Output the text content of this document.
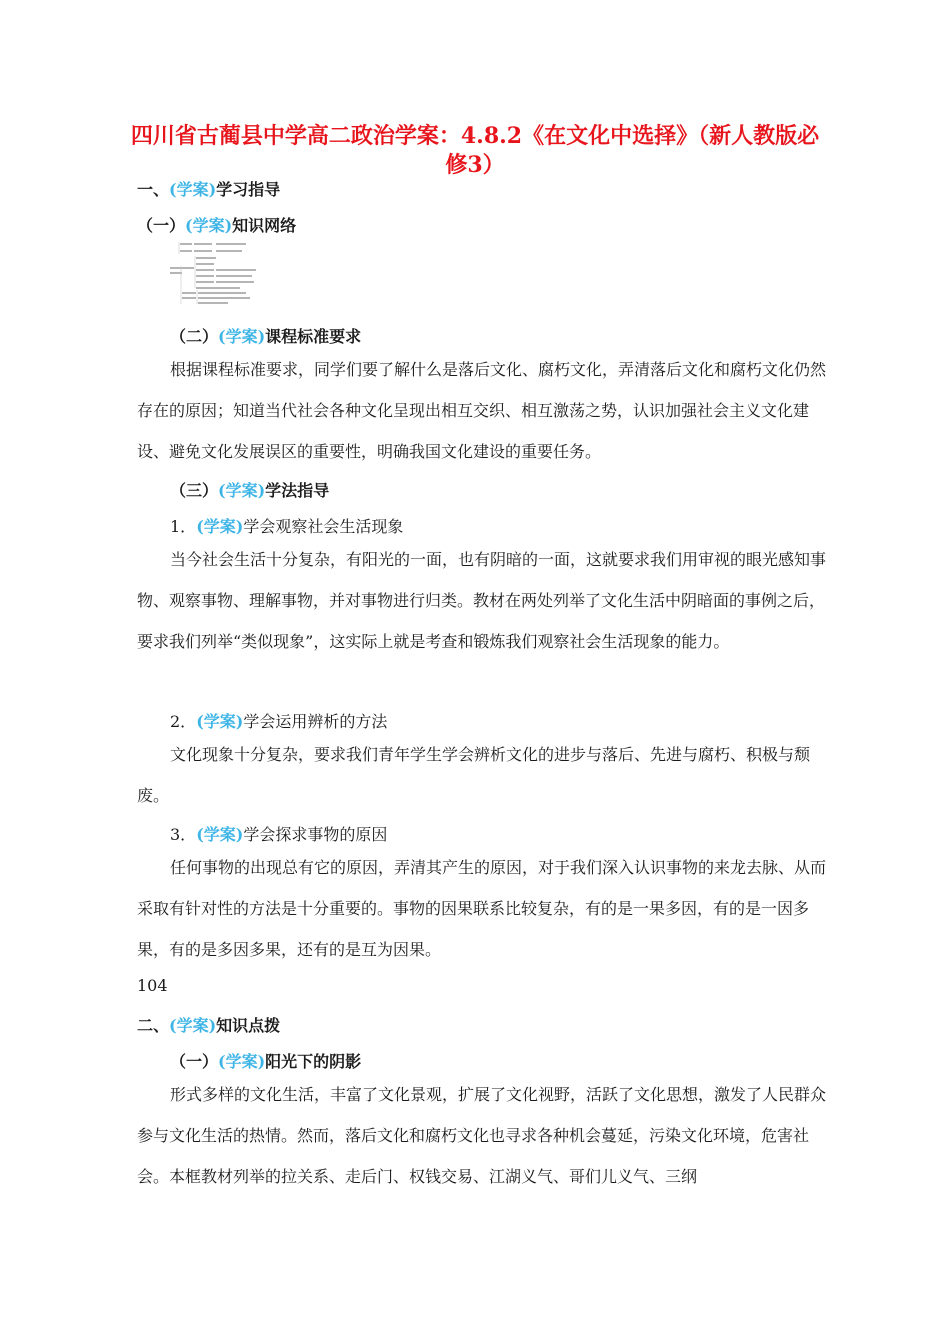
四川省古蔺县中学高二政治学案：4.8.2《在文化中选择》（新人教版必修3）
一、(学案)学习指导
（一）(学案)知识网络
（二）(学案)课程标准要求

根据课程标准要求，同学们要了解什么是落后文化、腐朽文化，弄清落后文化和腐朽文化仍然存在的原因；知道当代社会各种文化呈现出相互交织、相互激荡之势，认识加强社会主义文化建设、避免文化发展误区的重要性，明确我国文化建设的重要任务。

（三）(学案)学法指导
1．(学案)学会观察社会生活现象

当今社会生活十分复杂，有阳光的一面，也有阴暗的一面，这就要求我们用审视的眼光感知事物、观察事物、理解事物，并对事物进行归类。教材在两处列举了文化生活中阴暗面的事例之后，要求我们列举“类似现象”，这实际上就是考查和锻炼我们观察社会生活现象的能力。

2．(学案)学会运用辨析的方法

文化现象十分复杂，要求我们青年学生学会辨析文化的进步与落后、先进与腐朽、积极与颓废。

3．(学案)学会探求事物的原因

任何事物的出现总有它的原因，弄清其产生的原因，对于我们深入认识事物的来龙去脉、从而采取有针对性的方法是十分重要的。事物的因果联系比较复杂，有的是一果多因，有的是一因多果，有的是多因多果，还有的是互为因果。

104
二、(学案)知识点拨
（一）(学案)阳光下的阴影

形式多样的文化生活，丰富了文化景观，扩展了文化视野，活跃了文化思想，激发了人民群众参与文化生活的热情。然而，落后文化和腐朽文化也寻求各种机会蔓延，污染文化环境，危害社会。本框教材列举的拉关系、走后门、权钱交易、江湖义气、哥们儿义气、三纲
